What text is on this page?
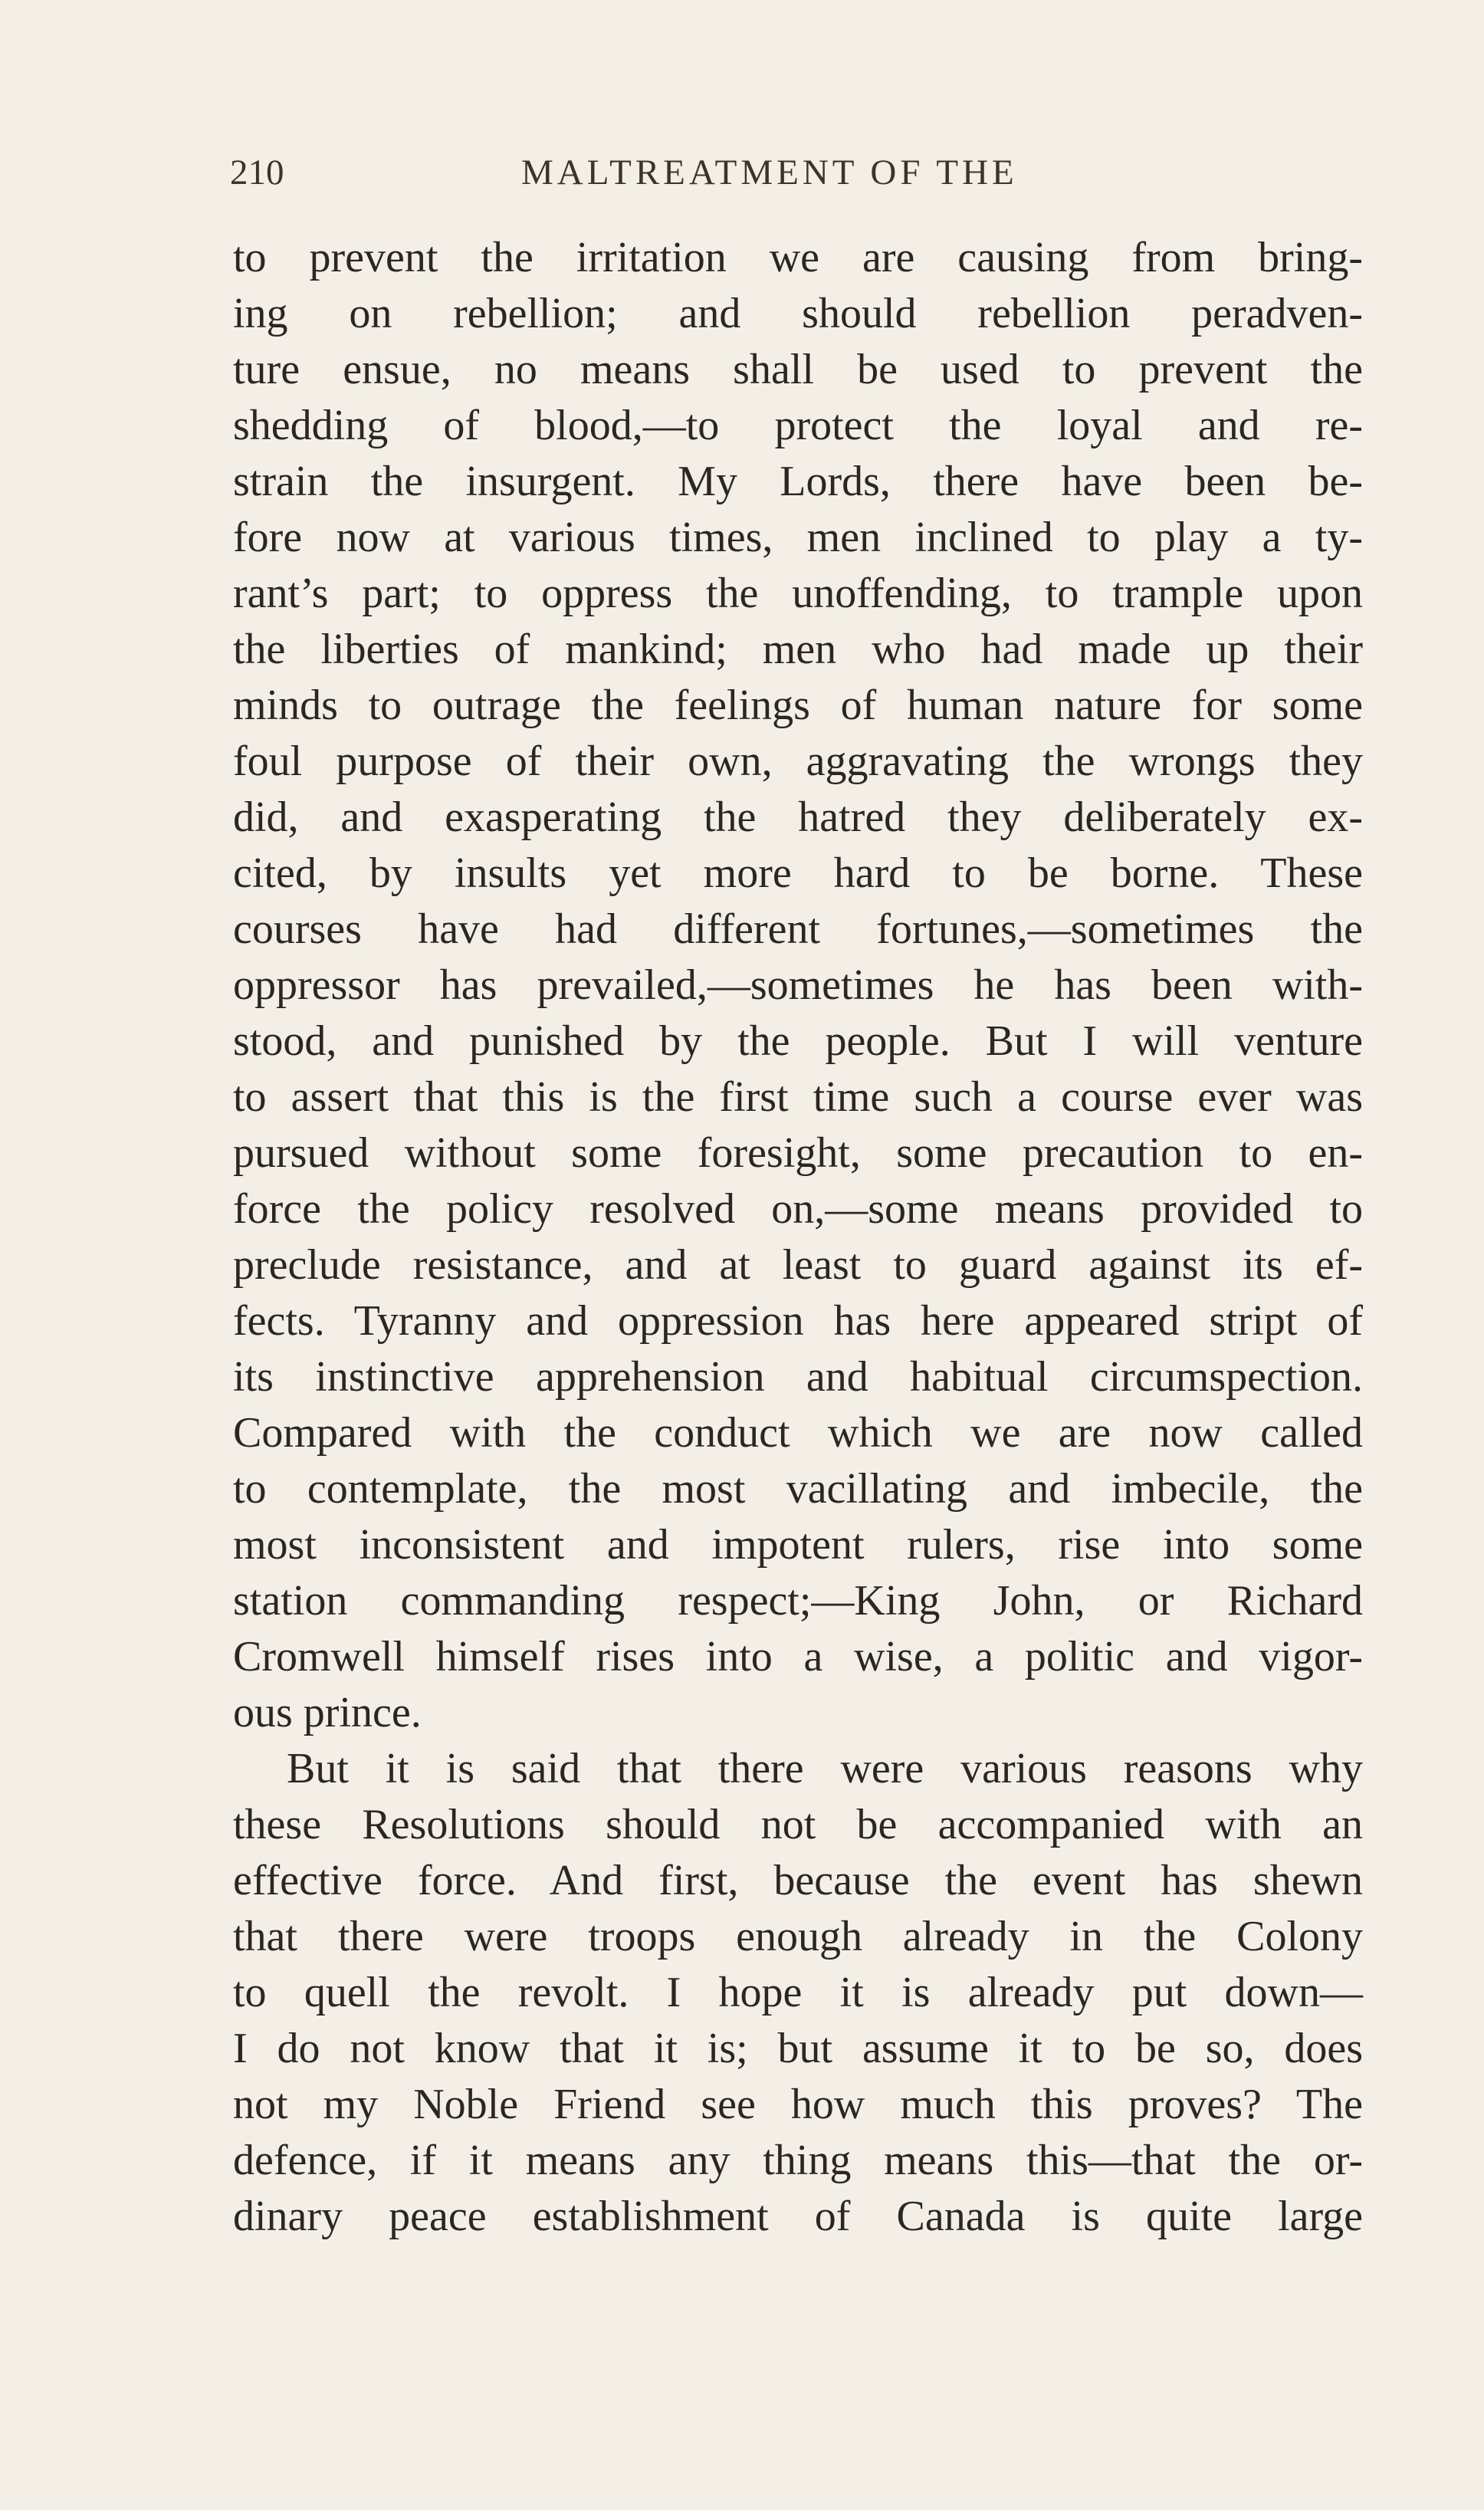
210	MALTREATMENT OF THE
to prevent the irritation we are causing from bring-
ing on rebellion; and should rebellion peradven-
ture ensue, no means shall be used to prevent the
shedding of blood,—to protect the loyal and re-
strain the insurgent. My Lords, there have been be-
fore now at various times, men inclined to play a ty-
rant’s part; to oppress the unoffending, to trample upon
the liberties of mankind; men who had made up their
minds to outrage the feelings of human nature for some
foul purpose of their own, aggravating the wrongs they
did, and exasperating the hatred they deliberately ex-
cited, by insults yet more hard to be borne. These
courses have had different fortunes,—sometimes the
oppressor has prevailed,—sometimes he has been with-
stood, and punished by the people. But I will venture
to assert that this is the first time such a course ever was
pursued without some foresight, some precaution to en-
force the policy resolved on,—some means provided to
preclude resistance, and at least to guard against its ef-
fects. Tyranny and oppression has here appeared stript of
its instinctive apprehension and habitual circumspection.
Compared with the conduct which we are now called
to contemplate, the most vacillating and imbecile, the
most inconsistent and impotent rulers, rise into some
station commanding respect;—King John, or Richard
Cromwell himself rises into a wise, a politic and vigor-
ous prince.
But it is said that there were various reasons why
these Resolutions should not be accompanied with an
effective force. And first, because the event has shewn
that there were troops enough already in the Colony
to quell the revolt. I hope it is already put down—
I do not know that it is; but assume it to be so, does
not my Noble Friend see how much this proves? The
defence, if it means any thing means this—that the or-
dinary peace establishment of Canada is quite large
